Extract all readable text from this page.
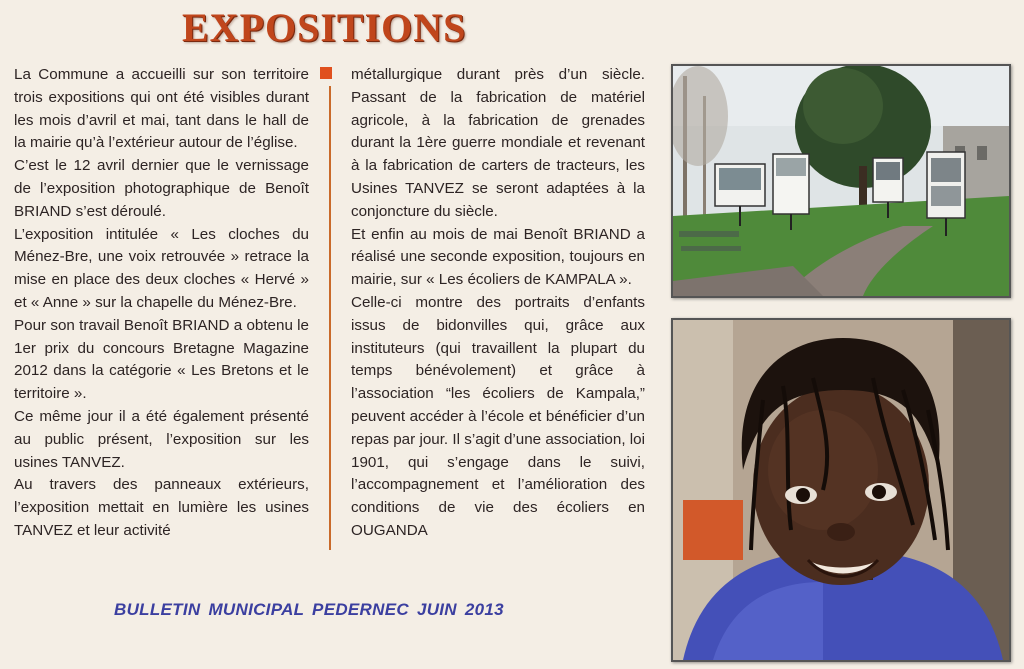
EXPOSITIONS

La Commune a accueilli sur son territoire trois expositions qui ont été visibles durant les mois d’avril et mai, tant dans le hall de la mairie qu’à l’extérieur autour de l’église.

C’est le 12 avril dernier que le vernissage de l’exposition photographique de Benoît BRIAND s’est déroulé.

L’exposition intitulée « Les cloches du Ménez-Bre, une voix retrouvée » retrace la mise en place des deux cloches « Hervé » et « Anne » sur la chapelle du Ménez-Bre.

Pour son travail Benoît BRIAND a obtenu le 1er prix du concours Bretagne Magazine 2012 dans la catégorie « Les Bretons et le territoire ».

Ce même jour il a été également présenté au public présent, l’exposition sur les usines TANVEZ.

Au travers des panneaux extérieurs, l’exposition mettait en lumière les usines TANVEZ et leur activité

métallurgique durant près d’un siècle. Passant de la fabrication de matériel agricole, à la fabrication de grenades durant la 1ère guerre mondiale et revenant à la fabrication de carters de tracteurs, les Usines TANVEZ se seront adaptées à la conjoncture du siècle.

Et enfin au mois de mai Benoît BRIAND a réalisé une seconde exposition, toujours en mairie, sur « Les écoliers de KAMPALA ».

Celle-ci montre des portraits d’enfants issus de bidonvilles qui, grâce aux instituteurs (qui travaillent la plupart du temps bénévolement) et grâce à l’association “les écoliers de Kampala,” peuvent accéder à l’école et bénéficier d’un repas par jour. Il s’agit d’une association, loi 1901, qui s’engage dans le suivi, l’accompagnement et l’amélioration des conditions de vie des écoliers en OUGANDA

BULLETIN MUNICIPAL PEDERNEC JUIN 2013
